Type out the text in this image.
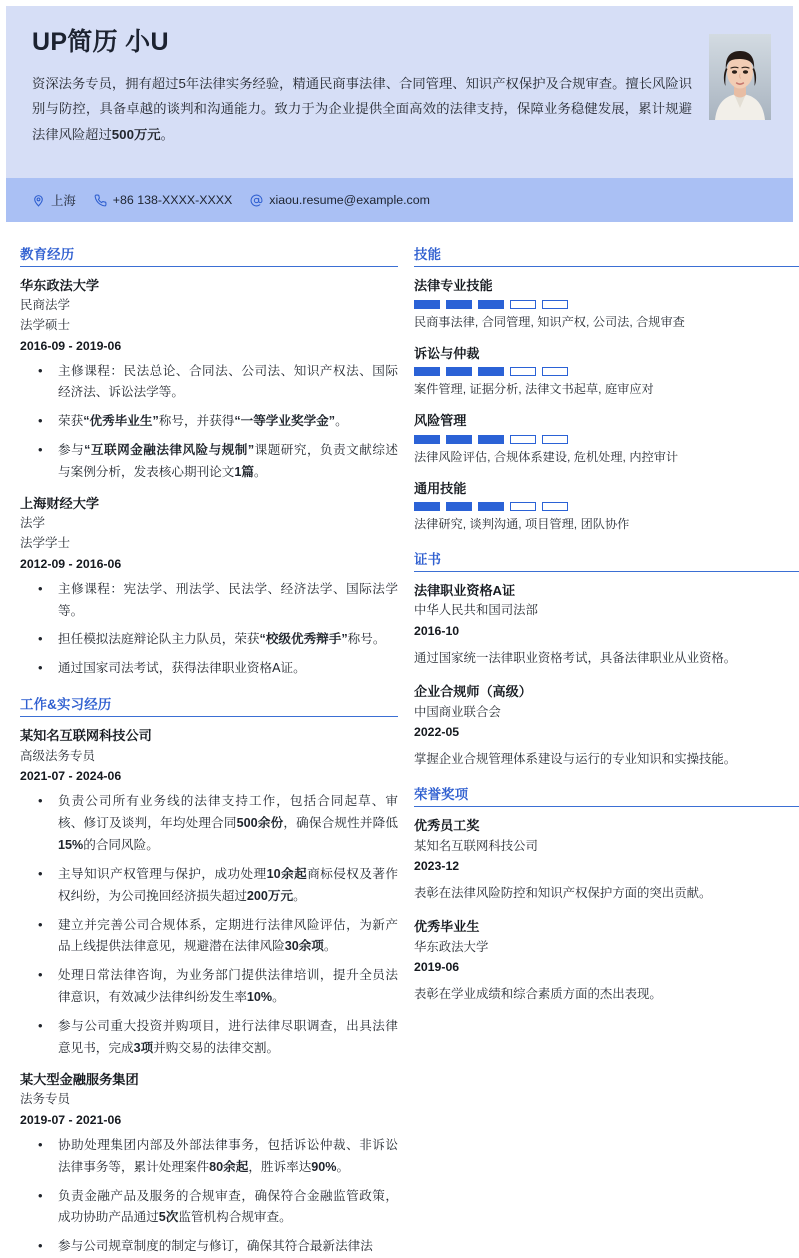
UP简历 小U
资深法务专员，拥有超过5年法律实务经验，精通民商事法律、合同管理、知识产权保护及合规审查。擅长风险识别与防控，具备卓越的谈判和沟通能力。致力于为企业提供全面高效的法律支持，保障业务稳健发展，累计规避法律风险超过500万元。
上海	+86 138-XXXX-XXXX	xiaou.resume@example.com
教育经历
华东政法大学
民商法学
法学硕士
2016-09 - 2019-06
• 主修课程：民法总论、合同法、公司法、知识产权法、国际经济法、诉讼法学等。
• 荣获“优秀毕业生”称号，并获得“一等学业奖学金”。
• 参与“互联网金融法律风险与规制”课题研究，负责文献综述与案例分析，发表核心期刊论文1篇。
上海财经大学
法学
法学学士
2012-09 - 2016-06
• 主修课程：宪法学、刑法学、民法学、经济法学、国际法学等。
• 担任模拟法庭辩论队主力队员，荣获“校级优秀辩手”称号。
• 通过国家司法考试，获得法律职业资格A证。
工作&实习经历
某知名互联网科技公司
高级法务专员
2021-07 - 2024-06
• 负责公司所有业务线的法律支持工作，包括合同起草、审核、修订及谈判，年均处理合同500余份，确保合规性并降低15%的合同风险。
• 主导知识产权管理与保护，成功处理10余起商标侵权及著作权纠纷，为公司挽回经济损失超过200万元。
• 建立并完善公司合规体系，定期进行法律风险评估，为新产品上线提供法律意见，规避潜在法律风险30余项。
• 处理日常法律咨询，为业务部门提供法律培训，提升全员法律意识，有效减少法律纠纷发生率10%。
• 参与公司重大投资并购项目，进行法律尽职调查，出具法律意见书，完成3项并购交易的法律交割。
某大型金融服务集团
法务专员
2019-07 - 2021-06
• 协助处理集团内部及外部法律事务，包括诉讼仲裁、非诉讼法律事务等，累计处理案件80余起，胜诉率达90%。
• 负责金融产品及服务的合规审查，确保符合金融监管政策，成功协助产品通过5次监管机构合规审查。
• 参与公司规章制度的制定与修订，确保其符合最新法律法
技能
法律专业技能
民商事法律, 合同管理, 知识产权, 公司法, 合规审查
诉讼与仲裁
案件管理, 证据分析, 法律文书起草, 庭审应对
风险管理
法律风险评估, 合规体系建设, 危机处理, 内控审计
通用技能
法律研究, 谈判沟通, 项目管理, 团队协作
证书
法律职业资格A证
中华人民共和国司法部
2016-10
通过国家统一法律职业资格考试，具备法律职业从业资格。
企业合规师（高级）
中国商业联合会
2022-05
掌握企业合规管理体系建设与运行的专业知识和实操技能。
荣誉奖项
优秀员工奖
某知名互联网科技公司
2023-12
表彰在法律风险防控和知识产权保护方面的突出贡献。
优秀毕业生
华东政法大学
2019-06
表彰在学业成绩和综合素质方面的杰出表现。
